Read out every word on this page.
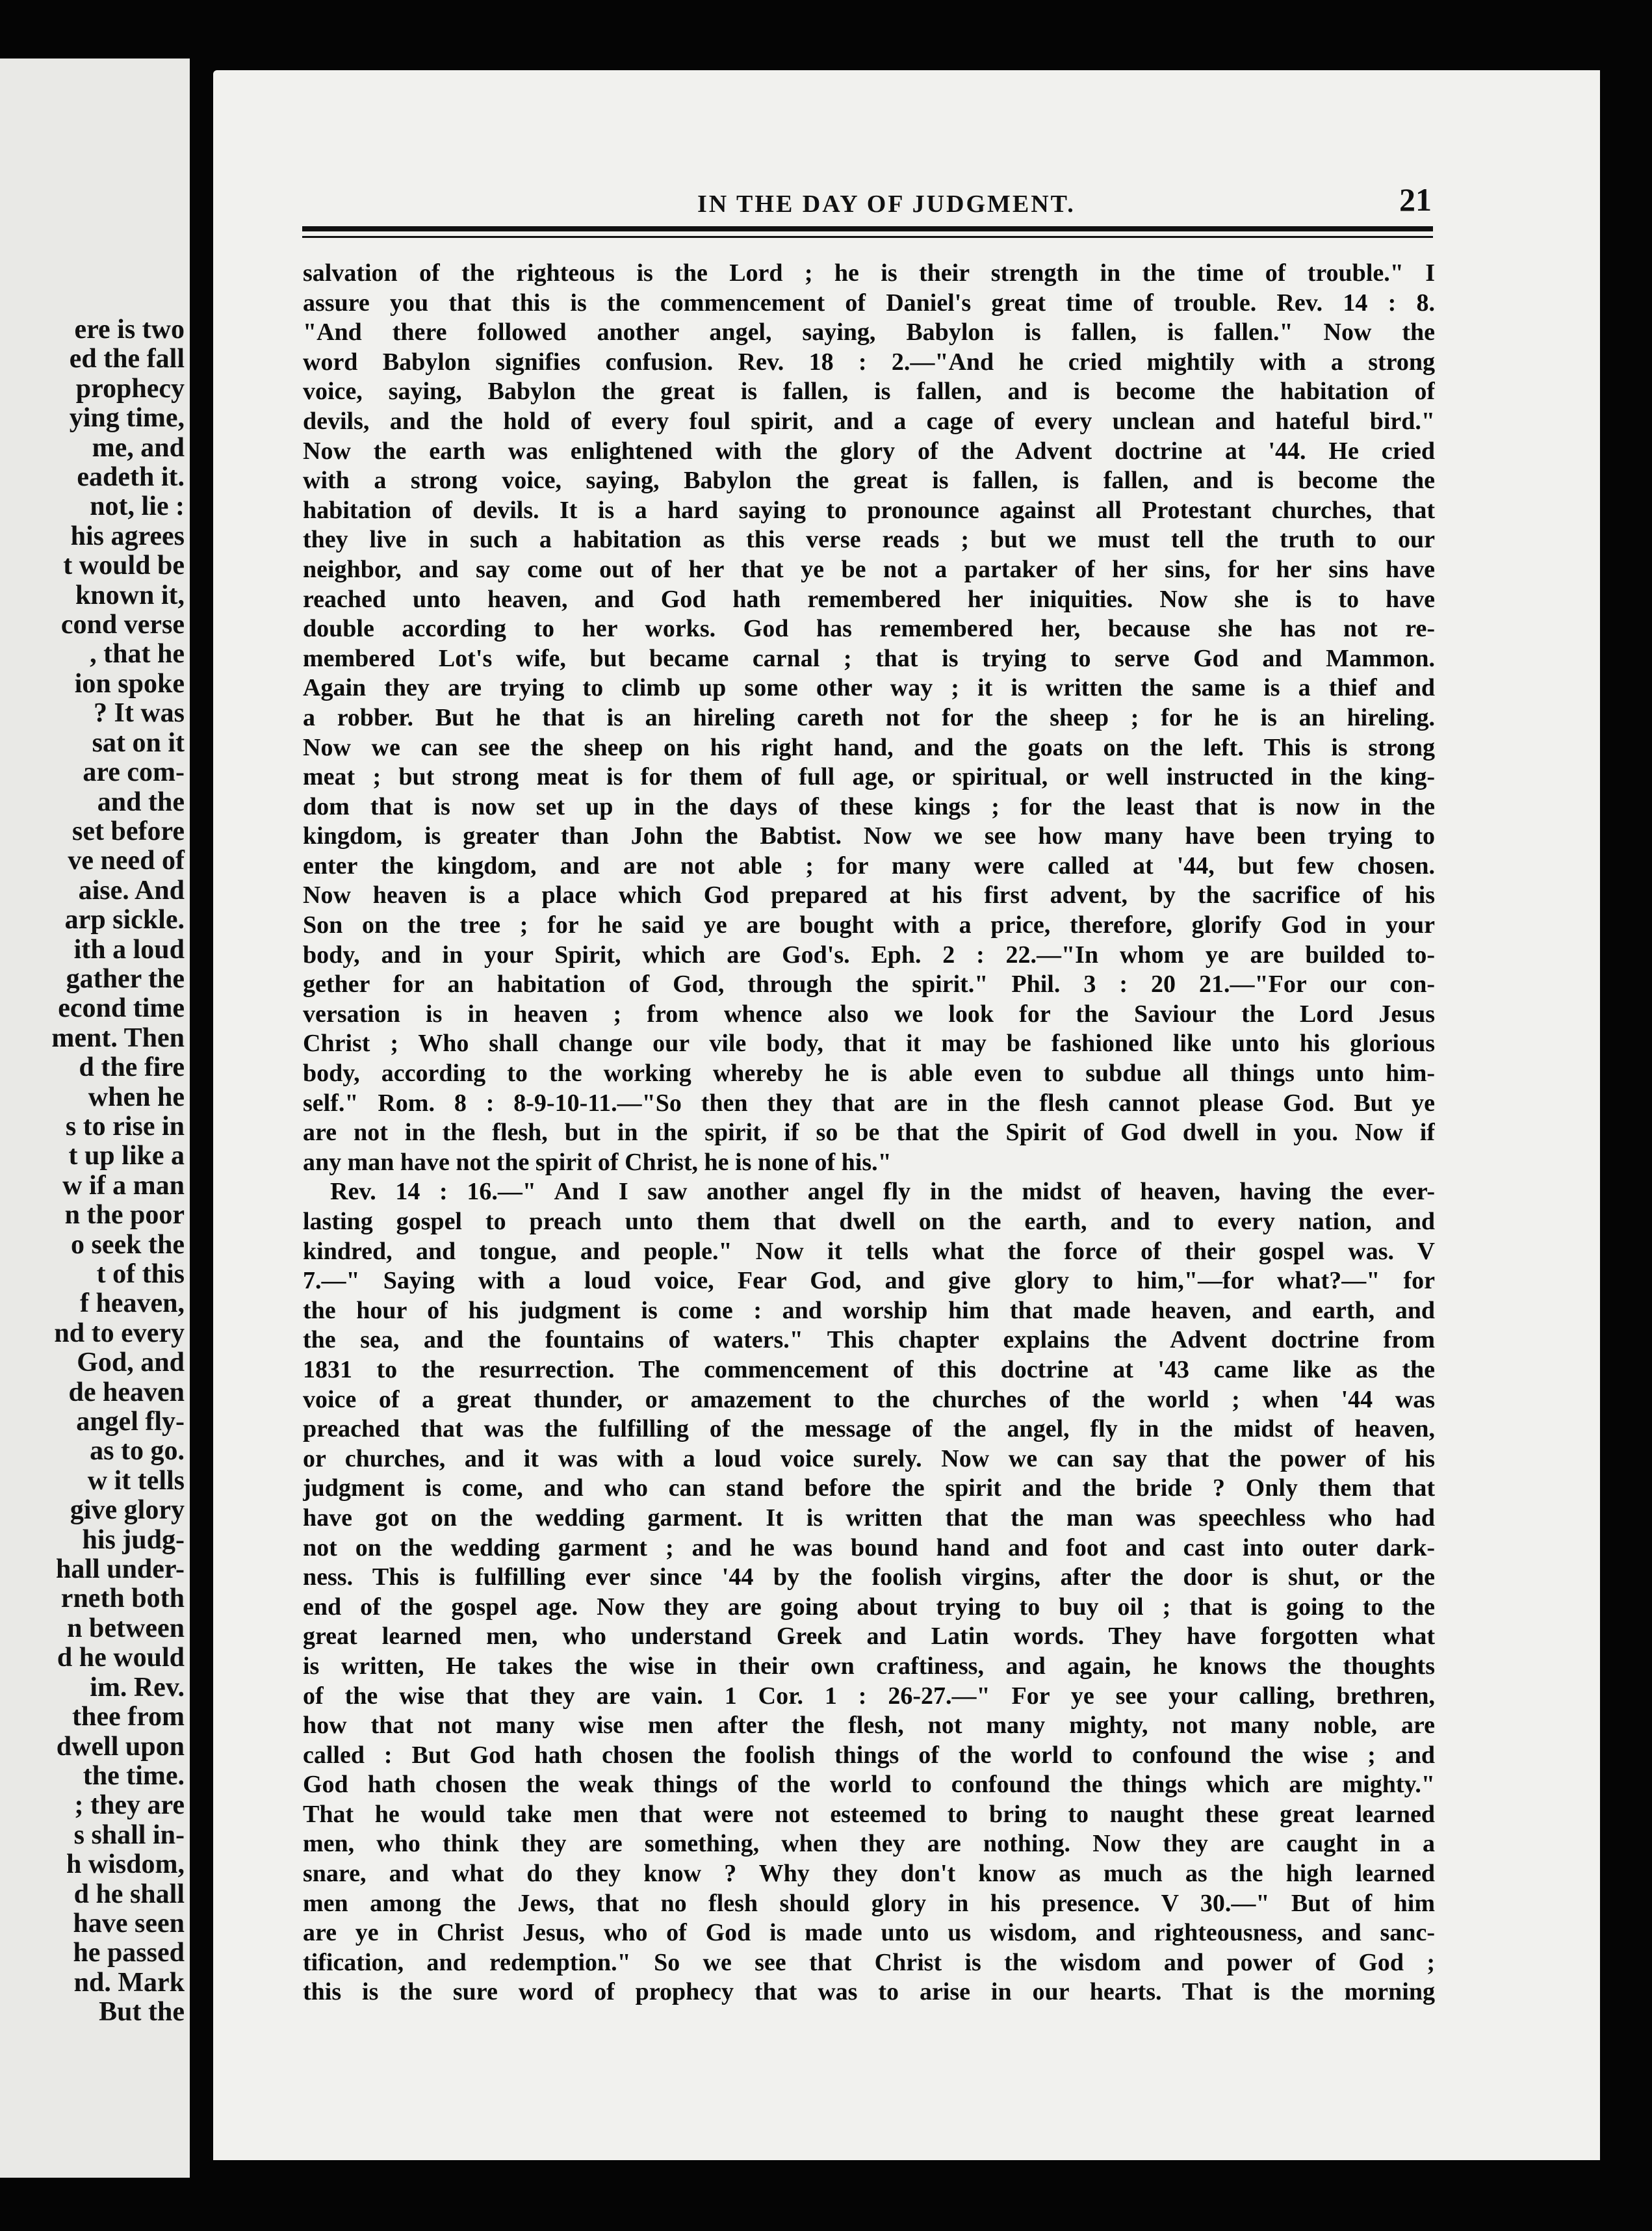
ere is two
ed the fall
prophecy
ying time,
me, and
eadeth it.
not, lie :
his agrees
t would be
known it,
cond verse
, that he
ion spoke
? It was
sat on it
are com-
and the
set before
ve need of
aise. And
arp sickle.
ith a loud
gather the
econd time
ment. Then
d the fire
when he
s to rise in
t up like a
w if a man
n the poor
o seek the
t of this
f heaven,
nd to every
God, and
de heaven
angel fly-
as to go.
w it tells
give glory
his judg-
hall under-
rneth both
n between
d he would
im. Rev.
thee from
dwell upon
the time.
; they are
s shall in-
h wisdom,
d he shall
have seen
he passed
nd. Mark
But the
IN THE DAY OF JUDGMENT.	21
salvation of the righteous is the Lord ; he is their strength in the time of trouble." I
assure you that this is the commencement of Daniel's great time of trouble. Rev. 14 : 8.
"And there followed another angel, saying, Babylon is fallen, is fallen." Now the
word Babylon signifies confusion. Rev. 18 : 2.—"And he cried mightily with a strong
voice, saying, Babylon the great is fallen, is fallen, and is become the habitation of
devils, and the hold of every foul spirit, and a cage of every unclean and hateful bird."
Now the earth was enlightened with the glory of the Advent doctrine at '44. He cried
with a strong voice, saying, Babylon the great is fallen, is fallen, and is become the
habitation of devils. It is a hard saying to pronounce against all Protestant churches, that
they live in such a habitation as this verse reads ; but we must tell the truth to our
neighbor, and say come out of her that ye be not a partaker of her sins, for her sins have
reached unto heaven, and God hath remembered her iniquities. Now she is to have
double according to her works. God has remembered her, because she has not re-
membered Lot's wife, but became carnal ; that is trying to serve God and Mammon.
Again they are trying to climb up some other way ; it is written the same is a thief and
a robber. But he that is an hireling careth not for the sheep ; for he is an hireling.
Now we can see the sheep on his right hand, and the goats on the left. This is strong
meat ; but strong meat is for them of full age, or spiritual, or well instructed in the king-
dom that is now set up in the days of these kings ; for the least that is now in the
kingdom, is greater than John the Babtist. Now we see how many have been trying to
enter the kingdom, and are not able ; for many were called at '44, but few chosen.
Now heaven is a place which God prepared at his first advent, by the sacrifice of his
Son on the tree ; for he said ye are bought with a price, therefore, glorify God in your
body, and in your Spirit, which are God's. Eph. 2 : 22.—"In whom ye are builded to-
gether for an habitation of God, through the spirit." Phil. 3 : 20 21.—"For our con-
versation is in heaven ; from whence also we look for the Saviour the Lord Jesus
Christ ; Who shall change our vile body, that it may be fashioned like unto his glorious
body, according to the working whereby he is able even to subdue all things unto him-
self." Rom. 8 : 8-9-10-11.—"So then they that are in the flesh cannot please God. But ye
are not in the flesh, but in the spirit, if so be that the Spirit of God dwell in you. Now if
any man have not the spirit of Christ, he is none of his."
Rev. 14 : 16.—" And I saw another angel fly in the midst of heaven, having the ever-
lasting gospel to preach unto them that dwell on the earth, and to every nation, and
kindred, and tongue, and people." Now it tells what the force of their gospel was. V
7.—" Saying with a loud voice, Fear God, and give glory to him,"—for what?—" for
the hour of his judgment is come : and worship him that made heaven, and earth, and
the sea, and the fountains of waters." This chapter explains the Advent doctrine from
1831 to the resurrection. The commencement of this doctrine at '43 came like as the
voice of a great thunder, or amazement to the churches of the world ; when '44 was
preached that was the fulfilling of the message of the angel, fly in the midst of heaven,
or churches, and it was with a loud voice surely. Now we can say that the power of his
judgment is come, and who can stand before the spirit and the bride ? Only them that
have got on the wedding garment. It is written that the man was speechless who had
not on the wedding garment ; and he was bound hand and foot and cast into outer dark-
ness. This is fulfilling ever since '44 by the foolish virgins, after the door is shut, or the
end of the gospel age. Now they are going about trying to buy oil ; that is going to the
great learned men, who understand Greek and Latin words. They have forgotten what
is written, He takes the wise in their own craftiness, and again, he knows the thoughts
of the wise that they are vain. 1 Cor. 1 : 26-27.—" For ye see your calling, brethren,
how that not many wise men after the flesh, not many mighty, not many noble, are
called : But God hath chosen the foolish things of the world to confound the wise ; and
God hath chosen the weak things of the world to confound the things which are mighty."
That he would take men that were not esteemed to bring to naught these great learned
men, who think they are something, when they are nothing. Now they are caught in a
snare, and what do they know ? Why they don't know as much as the high learned
men among the Jews, that no flesh should glory in his presence. V 30.—" But of him
are ye in Christ Jesus, who of God is made unto us wisdom, and righteousness, and sanc-
tification, and redemption." So we see that Christ is the wisdom and power of God ;
this is the sure word of prophecy that was to arise in our hearts. That is the morning
